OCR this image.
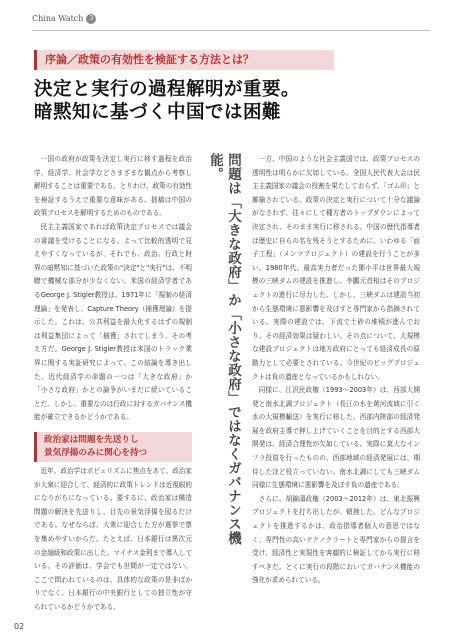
China Watch 3
序論／政策の有効性を検証する方法とは？
決定と実行の過程解明が重要。
暗黙知に基づく中国では困難

一国の政府が政策を決定し実行に移す過程を政治学、経済学、社会学などさまざまな観点から考察し解明することは重要である。とりわけ、政策の有効性を検証するうえで重要な意味がある。拙稿は中国の政策プロセスを解明するためのものである。

民主主義国家であれば政策決定プロセスでは議会の審議を受けることになる。よって比較的透明で見えやすくなっているが、それでも、政治、行政と財界の暗黙知に基づいた政策の"決定"と"実行"は、不明瞭で機械な部分が少なくない。米国の経済学者であるGeorge J. Stigler教授は、1971年に「規制の経済理論」を発表し、Capture Theory（捕獲理論）を提示した。これは、公共利益を最大化するはずの規制は利益集団によって「捕獲」されてしまう、その考え方だ。George J. Stigler教授は米国のトラック業界に関する実証研究によって、この結論を導き出した。近代経済学の命題の一つは「大きな政府」か「小さな政府」かとの論争がいまだに続いていることだ。しかし、重要なのは行政に対するガバナンス機能が確立できるかどうかである。

政治家は問題を先送りし
景気浮揚のみに関心を持つ

近年、政治学はポピュリズムに焦点をあて、政治家が大衆に迎合して、経済的に政策トレンドは近視眼的になりがちになっている。要するに、政治家は構造問題の解決を先送りし、目先の景気浮揚を図るだけである。なぜならば、大衆に迎合した方が選挙で票を集めやすいからだ。たとえば、日本銀行は異次元の金融緩和政策に出した。マイナス金利まで導入している。その評価は、学会でも世間が一定ではない。ここで問われているのは、具体的な政策の是非ばかりでなく、日本銀行の中央銀行としての独立性が守られているかどうかである。

問題は「大きな政府」か「小さな政府」ではなくガバナンス機能。	一方、中国のような社会主義国では、政策プロセスの透明性は明らかに欠如している。全国人民代表大会は民主主義国家の議会の役割を果たしておらず、「ゴム印」と揶揄されている。政策の決定と実行について十分な議論がなされず、往々にして種方者のトップダウンによって決定され、そのまま実行に移される。中国の歴代指導者は歴史に自らの名を残そうとするために、いわゆる「面子工程」（メンツプロジェクト）の建設を行うことが多い。1980年代、最高実力者だった鄧小平は世界最大規模の三峡ダムの建設を推進し、李鵬元首相はそのプロジェクトの進行に尽力した。しかし、三峡ダムは建設当初から生態環境に悪影響を及ぼすと専門家から指摘されている。実際の建設では、下流で土砂の堆積が進んでおり、その経済効果は疑わしい。その点について、大規模な建設プロジェクトは地方政府にとっても経済成長の原動力として必要とされている。今世紀のビッグプロジェクトは負の遺産となっているかもしれない。

同様に、江沢民政権（1993～2003年）は、西部大開発と南水北調プロジェクト（長江の水を黄河流域に引く水の大規模輸送）を実行に移した。西部内陸部の経済発展を政府主導で押し上げていくことを目的とする西部大開発は、経済合理性が欠如している。実際に莫大なインフラ投資を行ったものの、西部地域の経済発展には、期待したほど役立っていない。南水北調にしても三峡ダム同様に生態環境に悪影響を及ぼす負の遺産である。

さらに、胡錦濤政権（2003～2012年）は、東北振興プロジェクトを打ち出したが、頓挫した。どんなプロジェクトを推進するかは、政治指導者個人の意思ではなく、専門性の高いテクノクラートと専門家からの提言を受け、経済性と実現性を客観的に検証してから実行に移すべきだ。とくに実行の段階においてガバナンス機能の強化が求められている。

02
